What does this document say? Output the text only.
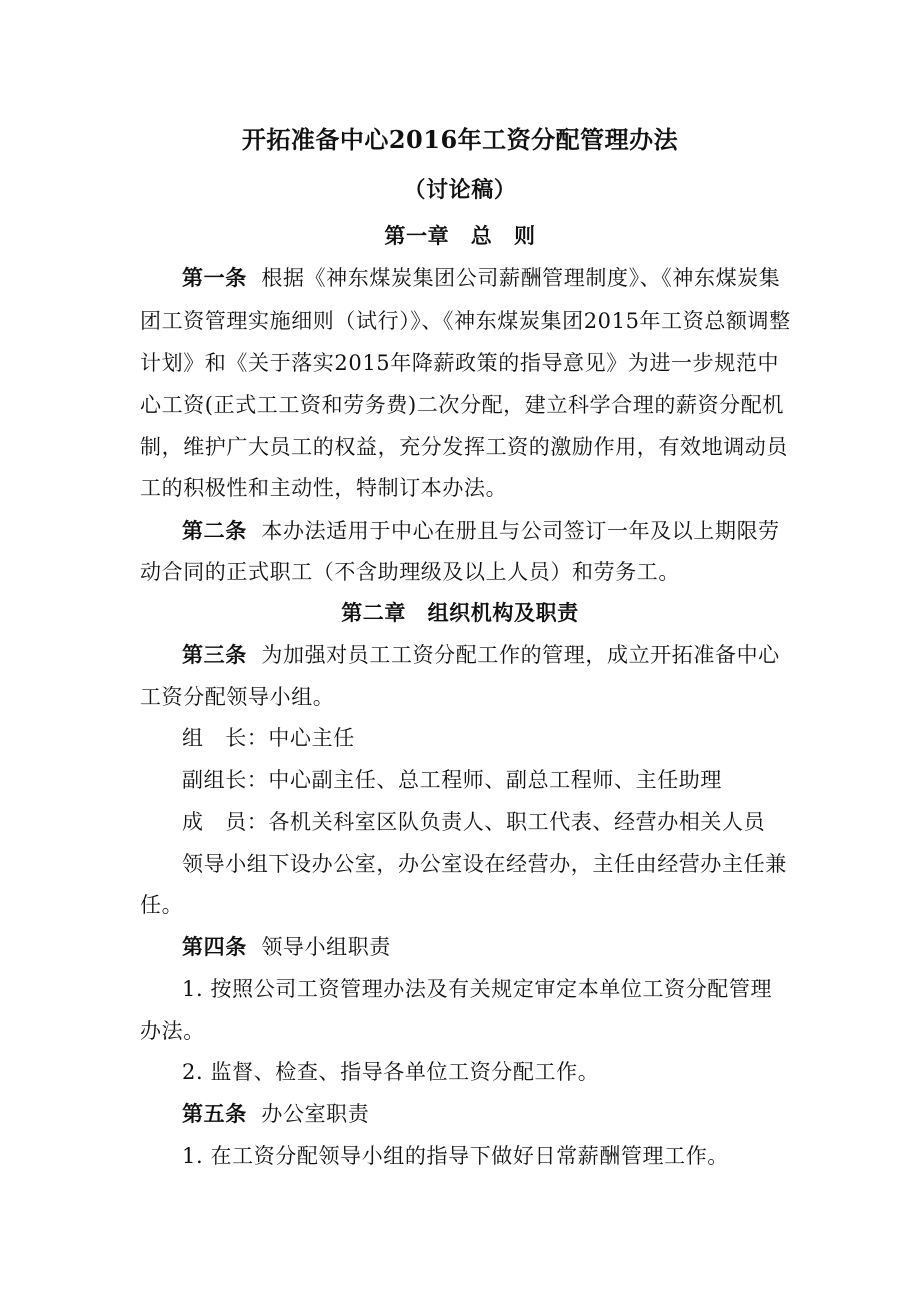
开拓准备中心2016年工资分配管理办法
（讨论稿）
第一章　总　则
第一条 根据《神东煤炭集团公司薪酬管理制度》、《神东煤炭集
团工资管理实施细则（试行）》、《神东煤炭集团2015年工资总额调整
计划》和《关于落实2015年降薪政策的指导意见》为进一步规范中
心工资(正式工工资和劳务费)二次分配，建立科学合理的薪资分配机
制，维护广大员工的权益，充分发挥工资的激励作用，有效地调动员
工的积极性和主动性，特制订本办法。
第二条 本办法适用于中心在册且与公司签订一年及以上期限劳
动合同的正式职工（不含助理级及以上人员）和劳务工。
第二章　组织机构及职责
第三条 为加强对员工工资分配工作的管理，成立开拓准备中心
工资分配领导小组。
组　长：中心主任
副组长：中心副主任、总工程师、副总工程师、主任助理
成　员：各机关科室区队负责人、职工代表、经营办相关人员
领导小组下设办公室，办公室设在经营办，主任由经营办主任兼
任。
第四条 领导小组职责
1. 按照公司工资管理办法及有关规定审定本单位工资分配管理
办法。
2. 监督、检查、指导各单位工资分配工作。
第五条 办公室职责
1. 在工资分配领导小组的指导下做好日常薪酬管理工作。
